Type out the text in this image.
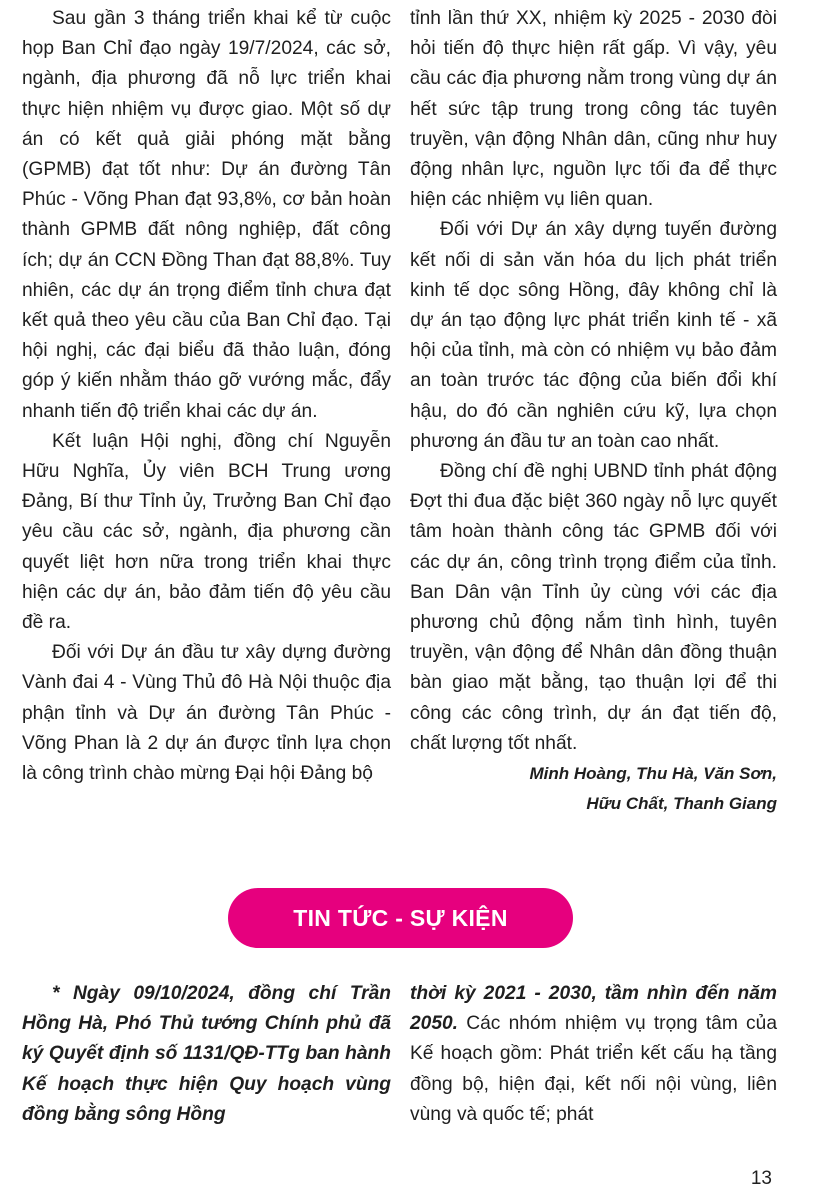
Sau gần 3 tháng triển khai kể từ cuộc họp Ban Chỉ đạo ngày 19/7/2024, các sở, ngành, địa phương đã nỗ lực triển khai thực hiện nhiệm vụ được giao. Một số dự án có kết quả giải phóng mặt bằng (GPMB) đạt tốt như: Dự án đường Tân Phúc - Võng Phan đạt 93,8%, cơ bản hoàn thành GPMB đất nông nghiệp, đất công ích; dự án CCN Đồng Than đạt 88,8%. Tuy nhiên, các dự án trọng điểm tỉnh chưa đạt kết quả theo yêu cầu của Ban Chỉ đạo. Tại hội nghị, các đại biểu đã thảo luận, đóng góp ý kiến nhằm tháo gỡ vướng mắc, đẩy nhanh tiến độ triển khai các dự án.

Kết luận Hội nghị, đồng chí Nguyễn Hữu Nghĩa, Ủy viên BCH Trung ương Đảng, Bí thư Tỉnh ủy, Trưởng Ban Chỉ đạo yêu cầu các sở, ngành, địa phương cần quyết liệt hơn nữa trong triển khai thực hiện các dự án, bảo đảm tiến độ yêu cầu đề ra.

Đối với Dự án đầu tư xây dựng đường Vành đai 4 - Vùng Thủ đô Hà Nội thuộc địa phận tỉnh và Dự án đường Tân Phúc - Võng Phan là 2 dự án được tỉnh lựa chọn là công trình chào mừng Đại hội Đảng bộ

tỉnh lần thứ XX, nhiệm kỳ 2025 - 2030 đòi hỏi tiến độ thực hiện rất gấp. Vì vậy, yêu cầu các địa phương nằm trong vùng dự án hết sức tập trung trong công tác tuyên truyền, vận động Nhân dân, cũng như huy động nhân lực, nguồn lực tối đa để thực hiện các nhiệm vụ liên quan.

Đối với Dự án xây dựng tuyến đường kết nối di sản văn hóa du lịch phát triển kinh tế dọc sông Hồng, đây không chỉ là dự án tạo động lực phát triển kinh tế - xã hội của tỉnh, mà còn có nhiệm vụ bảo đảm an toàn trước tác động của biến đổi khí hậu, do đó cần nghiên cứu kỹ, lựa chọn phương án đầu tư an toàn cao nhất.

Đồng chí đề nghị UBND tỉnh phát động Đợt thi đua đặc biệt 360 ngày nỗ lực quyết tâm hoàn thành công tác GPMB đối với các dự án, công trình trọng điểm của tỉnh. Ban Dân vận Tỉnh ủy cùng với các địa phương chủ động nắm tình hình, tuyên truyền, vận động để Nhân dân đồng thuận bàn giao mặt bằng, tạo thuận lợi để thi công các công trình, dự án đạt tiến độ, chất lượng tốt nhất.

Minh Hoàng, Thu Hà, Văn Sơn,
Hữu Chất, Thanh Giang

TIN TỨC - SỰ KIỆN

* Ngày 09/10/2024, đồng chí Trần Hồng Hà, Phó Thủ tướng Chính phủ đã ký Quyết định số 1131/QĐ-TTg ban hành Kế hoạch thực hiện Quy hoạch vùng đồng bằng sông Hồng

thời kỳ 2021 - 2030, tầm nhìn đến năm 2050. Các nhóm nhiệm vụ trọng tâm của Kế hoạch gồm: Phát triển kết cấu hạ tầng đồng bộ, hiện đại, kết nối nội vùng, liên vùng và quốc tế; phát

13
